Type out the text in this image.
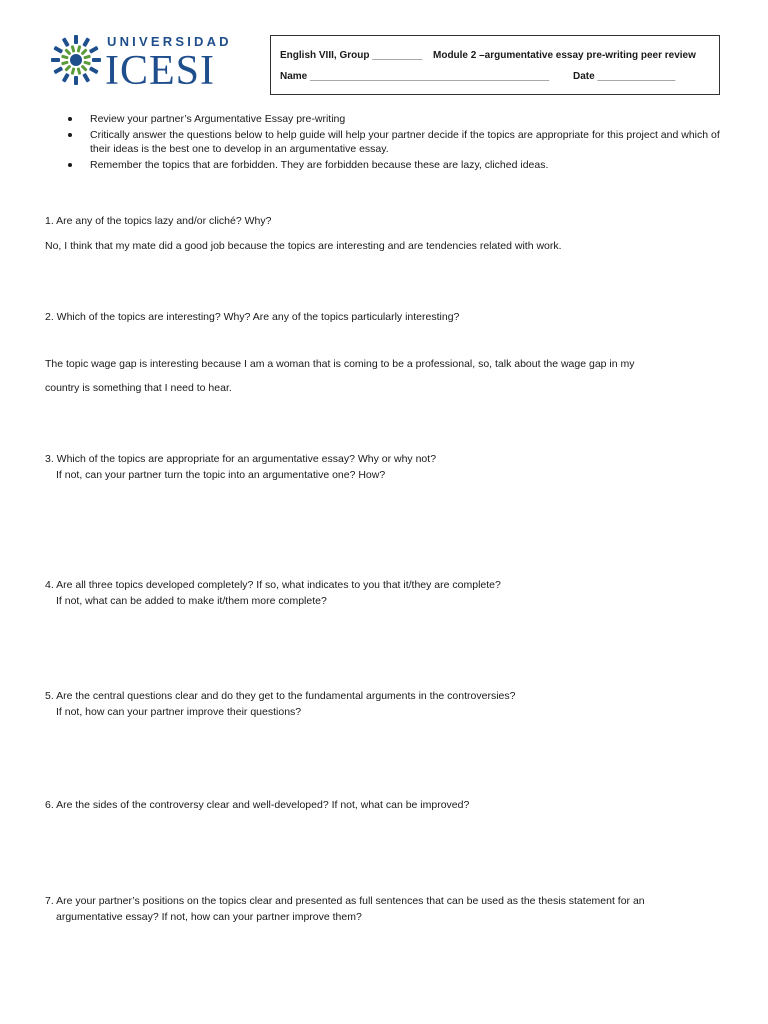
UNIVERSIDAD
ICESI	English VIII, Group _________ Module 2 –argumentative essay pre-writing peer review
Name ___________________________________________ Date ______________
Review your partner’s Argumentative Essay pre-writing
Critically answer the questions below to help guide will help your partner decide if the topics are appropriate for this project and which of their ideas is the best one to develop in an argumentative essay.
Remember the topics that are forbidden. They are forbidden because these are lazy, cliched ideas.
1. Are any of the topics lazy and/or cliché? Why?
No, I think that my mate did a good job because the topics are interesting and are tendencies related with work.
2. Which of the topics are interesting? Why? Are any of the topics particularly interesting?
The topic wage gap is interesting because I am a woman that is coming to be a professional, so, talk about the wage gap in my
country is something that I need to hear.
3. Which of the topics are appropriate for an argumentative essay? Why or why not?
If not, can your partner turn the topic into an argumentative one? How?
4. Are all three topics developed completely? If so, what indicates to you that it/they are complete?
If not, what can be added to make it/them more complete?
5. Are the central questions clear and do they get to the fundamental arguments in the controversies?
If not, how can your partner improve their questions?
6. Are the sides of the controversy clear and well-developed? If not, what can be improved?
7. Are your partner’s positions on the topics clear and presented as full sentences that can be used as the thesis statement for an
argumentative essay? If not, how can your partner improve them?
